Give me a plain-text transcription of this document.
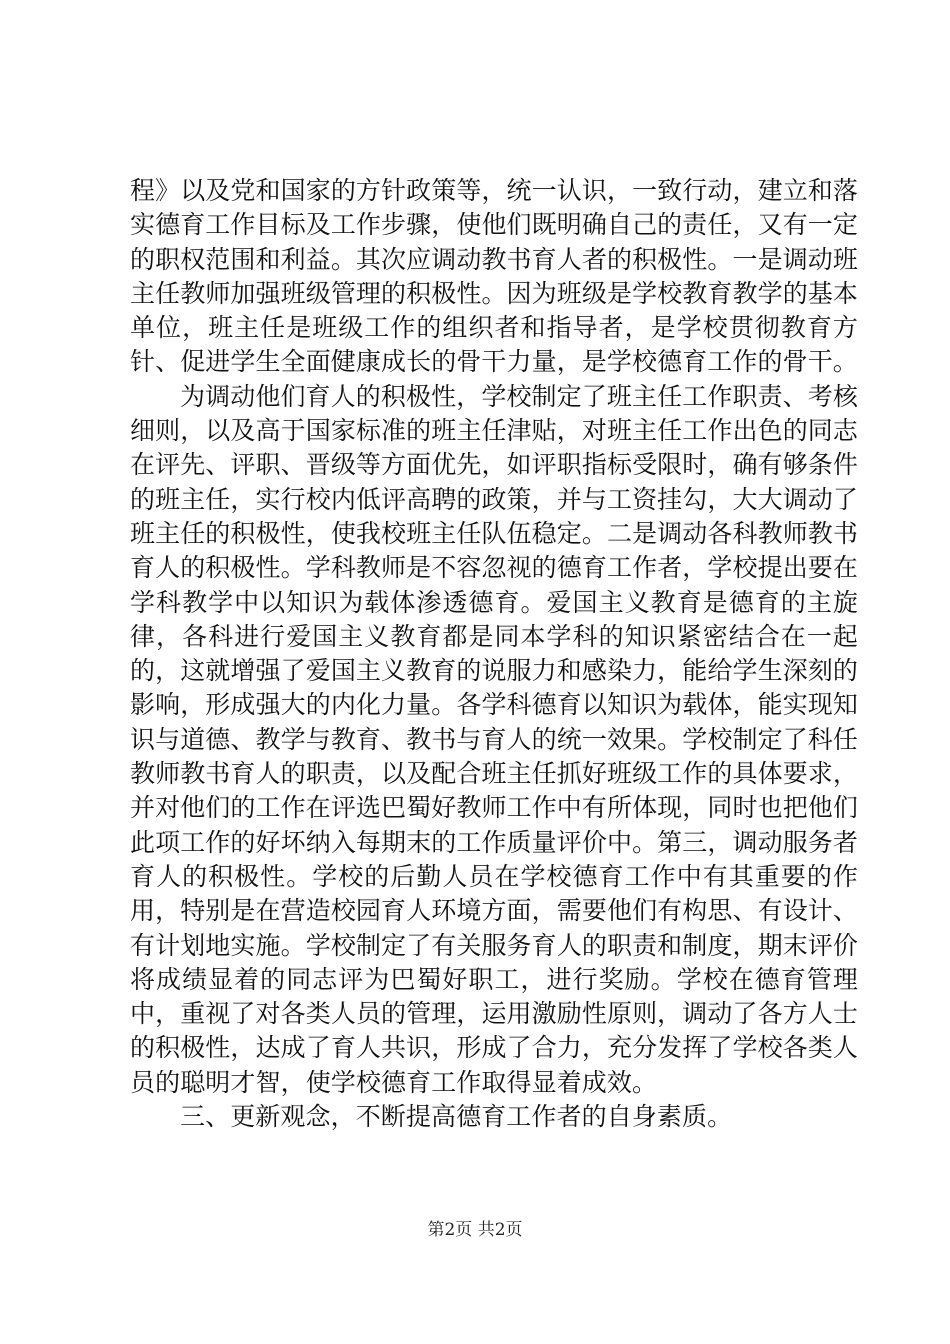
程》以及党和国家的方针政策等，统一认识，一致行动，建立和落实德育工作目标及工作步骤，使他们既明确自己的责任，又有一定的职权范围和利益。其次应调动教书育人者的积极性。一是调动班主任教师加强班级管理的积极性。因为班级是学校教育教学的基本单位，班主任是班级工作的组织者和指导者，是学校贯彻教育方针、促进学生全面健康成长的骨干力量，是学校德育工作的骨干。

为调动他们育人的积极性，学校制定了班主任工作职责、考核细则，以及高于国家标准的班主任津贴，对班主任工作出色的同志在评先、评职、晋级等方面优先，如评职指标受限时，确有够条件的班主任，实行校内低评高聘的政策，并与工资挂勾，大大调动了班主任的积极性，使我校班主任队伍稳定。二是调动各科教师教书育人的积极性。学科教师是不容忽视的德育工作者，学校提出要在学科教学中以知识为载体渗透德育。爱国主义教育是德育的主旋律，各科进行爱国主义教育都是同本学科的知识紧密结合在一起的，这就增强了爱国主义教育的说服力和感染力，能给学生深刻的影响，形成强大的内化力量。各学科德育以知识为载体，能实现知识与道德、教学与教育、教书与育人的统一效果。学校制定了科任教师教书育人的职责，以及配合班主任抓好班级工作的具体要求，并对他们的工作在评选巴蜀好教师工作中有所体现，同时也把他们此项工作的好坏纳入每期末的工作质量评价中。第三，调动服务者育人的积极性。学校的后勤人员在学校德育工作中有其重要的作用，特别是在营造校园育人环境方面，需要他们有构思、有设计、有计划地实施。学校制定了有关服务育人的职责和制度，期末评价将成绩显着的同志评为巴蜀好职工，进行奖励。学校在德育管理中，重视了对各类人员的管理，运用激励性原则，调动了各方人士的积极性，达成了育人共识，形成了合力，充分发挥了学校各类人员的聪明才智，使学校德育工作取得显着成效。

三、更新观念，不断提高德育工作者的自身素质。

第2页 共2页
